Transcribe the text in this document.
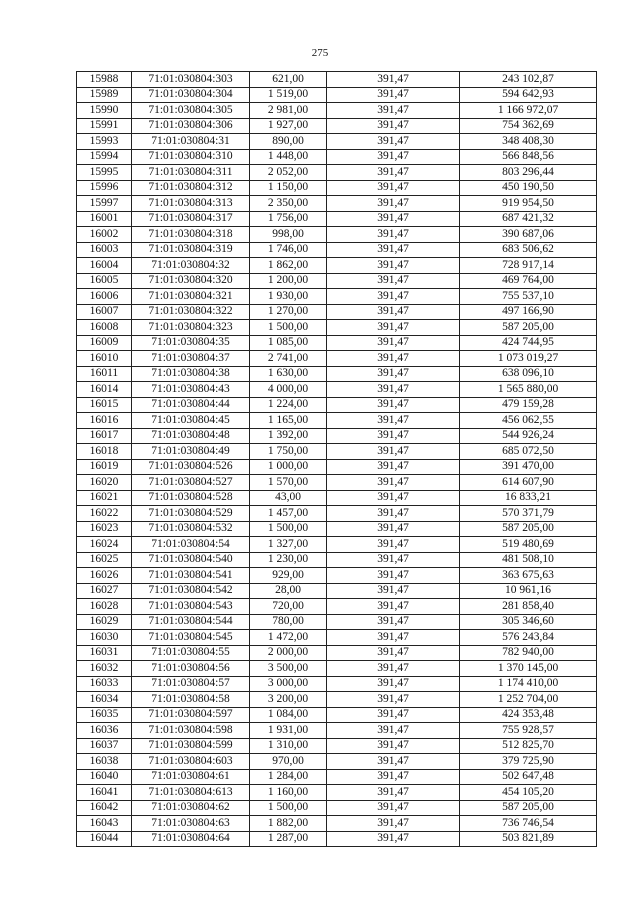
275
15988	71:01:030804:303	621,00	391,47	243 102,87
15989	71:01:030804:304	1 519,00	391,47	594 642,93
15990	71:01:030804:305	2 981,00	391,47	1 166 972,07
15991	71:01:030804:306	1 927,00	391,47	754 362,69
15993	71:01:030804:31	890,00	391,47	348 408,30
15994	71:01:030804:310	1 448,00	391,47	566 848,56
15995	71:01:030804:311	2 052,00	391,47	803 296,44
15996	71:01:030804:312	1 150,00	391,47	450 190,50
15997	71:01:030804:313	2 350,00	391,47	919 954,50
16001	71:01:030804:317	1 756,00	391,47	687 421,32
16002	71:01:030804:318	998,00	391,47	390 687,06
16003	71:01:030804:319	1 746,00	391,47	683 506,62
16004	71:01:030804:32	1 862,00	391,47	728 917,14
16005	71:01:030804:320	1 200,00	391,47	469 764,00
16006	71:01:030804:321	1 930,00	391,47	755 537,10
16007	71:01:030804:322	1 270,00	391,47	497 166,90
16008	71:01:030804:323	1 500,00	391,47	587 205,00
16009	71:01:030804:35	1 085,00	391,47	424 744,95
16010	71:01:030804:37	2 741,00	391,47	1 073 019,27
16011	71:01:030804:38	1 630,00	391,47	638 096,10
16014	71:01:030804:43	4 000,00	391,47	1 565 880,00
16015	71:01:030804:44	1 224,00	391,47	479 159,28
16016	71:01:030804:45	1 165,00	391,47	456 062,55
16017	71:01:030804:48	1 392,00	391,47	544 926,24
16018	71:01:030804:49	1 750,00	391,47	685 072,50
16019	71:01:030804:526	1 000,00	391,47	391 470,00
16020	71:01:030804:527	1 570,00	391,47	614 607,90
16021	71:01:030804:528	43,00	391,47	16 833,21
16022	71:01:030804:529	1 457,00	391,47	570 371,79
16023	71:01:030804:532	1 500,00	391,47	587 205,00
16024	71:01:030804:54	1 327,00	391,47	519 480,69
16025	71:01:030804:540	1 230,00	391,47	481 508,10
16026	71:01:030804:541	929,00	391,47	363 675,63
16027	71:01:030804:542	28,00	391,47	10 961,16
16028	71:01:030804:543	720,00	391,47	281 858,40
16029	71:01:030804:544	780,00	391,47	305 346,60
16030	71:01:030804:545	1 472,00	391,47	576 243,84
16031	71:01:030804:55	2 000,00	391,47	782 940,00
16032	71:01:030804:56	3 500,00	391,47	1 370 145,00
16033	71:01:030804:57	3 000,00	391,47	1 174 410,00
16034	71:01:030804:58	3 200,00	391,47	1 252 704,00
16035	71:01:030804:597	1 084,00	391,47	424 353,48
16036	71:01:030804:598	1 931,00	391,47	755 928,57
16037	71:01:030804:599	1 310,00	391,47	512 825,70
16038	71:01:030804:603	970,00	391,47	379 725,90
16040	71:01:030804:61	1 284,00	391,47	502 647,48
16041	71:01:030804:613	1 160,00	391,47	454 105,20
16042	71:01:030804:62	1 500,00	391,47	587 205,00
16043	71:01:030804:63	1 882,00	391,47	736 746,54
16044	71:01:030804:64	1 287,00	391,47	503 821,89
